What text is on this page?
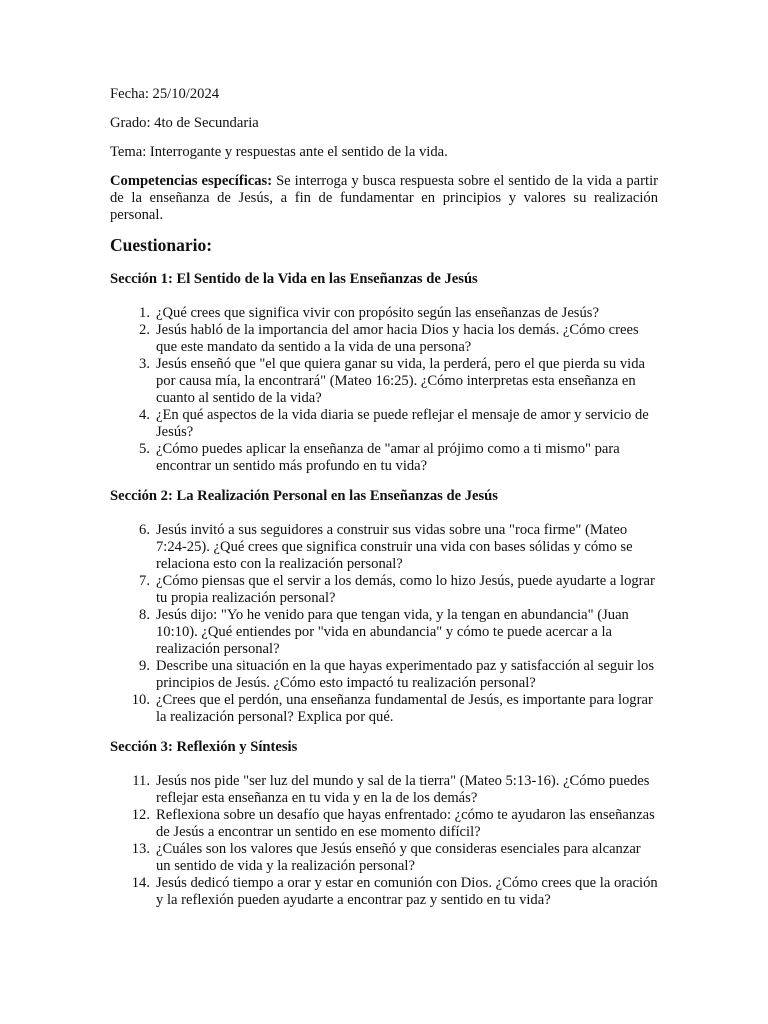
Fecha: 25/10/2024

Grado: 4to de Secundaria

Tema: Interrogante y respuestas ante el sentido de la vida.

Competencias específicas: Se interroga y busca respuesta sobre el sentido de la vida a partir de la enseñanza de Jesús, a fin de fundamentar en principios y valores su realización personal.

Cuestionario:
Sección 1: El Sentido de la Vida en las Enseñanzas de Jesús
1. ¿Qué crees que significa vivir con propósito según las enseñanzas de Jesús?
2. Jesús habló de la importancia del amor hacia Dios y hacia los demás. ¿Cómo crees que este mandato da sentido a la vida de una persona?
3. Jesús enseñó que "el que quiera ganar su vida, la perderá, pero el que pierda su vida por causa mía, la encontrará" (Mateo 16:25). ¿Cómo interpretas esta enseñanza en cuanto al sentido de la vida?
4. ¿En qué aspectos de la vida diaria se puede reflejar el mensaje de amor y servicio de Jesús?
5. ¿Cómo puedes aplicar la enseñanza de "amar al prójimo como a ti mismo" para encontrar un sentido más profundo en tu vida?
Sección 2: La Realización Personal en las Enseñanzas de Jesús
6. Jesús invitó a sus seguidores a construir sus vidas sobre una "roca firme" (Mateo 7:24-25). ¿Qué crees que significa construir una vida con bases sólidas y cómo se relaciona esto con la realización personal?
7. ¿Cómo piensas que el servir a los demás, como lo hizo Jesús, puede ayudarte a lograr tu propia realización personal?
8. Jesús dijo: "Yo he venido para que tengan vida, y la tengan en abundancia" (Juan 10:10). ¿Qué entiendes por "vida en abundancia" y cómo te puede acercar a la realización personal?
9. Describe una situación en la que hayas experimentado paz y satisfacción al seguir los principios de Jesús. ¿Cómo esto impactó tu realización personal?
10. ¿Crees que el perdón, una enseñanza fundamental de Jesús, es importante para lograr la realización personal? Explica por qué.
Sección 3: Reflexión y Síntesis
11. Jesús nos pide "ser luz del mundo y sal de la tierra" (Mateo 5:13-16). ¿Cómo puedes reflejar esta enseñanza en tu vida y en la de los demás?
12. Reflexiona sobre un desafío que hayas enfrentado: ¿cómo te ayudaron las enseñanzas de Jesús a encontrar un sentido en ese momento difícil?
13. ¿Cuáles son los valores que Jesús enseñó y que consideras esenciales para alcanzar un sentido de vida y la realización personal?
14. Jesús dedicó tiempo a orar y estar en comunión con Dios. ¿Cómo crees que la oración y la reflexión pueden ayudarte a encontrar paz y sentido en tu vida?
